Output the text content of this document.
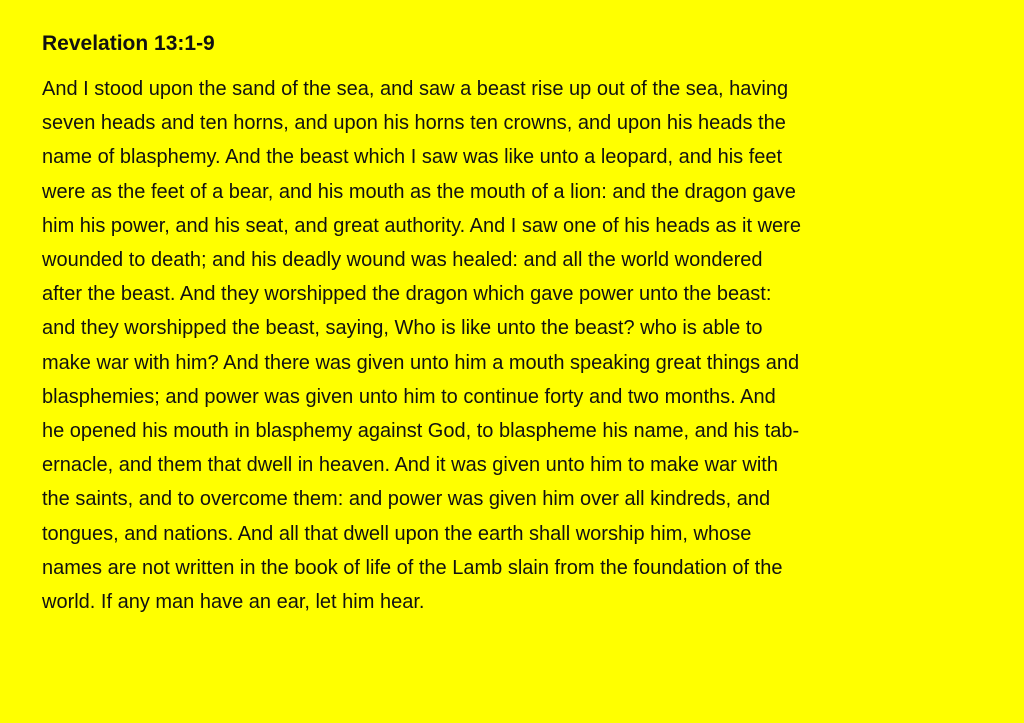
Revelation 13:1-9
And I stood upon the sand of the sea, and saw a beast rise up out of the sea, having
seven heads and ten horns, and upon his horns ten crowns, and upon his heads the
name of blasphemy. And the beast which I saw was like unto a leopard, and his feet
were as the feet of a bear, and his mouth as the mouth of a lion: and the dragon gave
him his power, and his seat, and great authority. And I saw one of his heads as it were
wounded to death; and his deadly wound was healed: and all the world wondered
after the beast. And they worshipped the dragon which gave power unto the beast:
and they worshipped the beast, saying, Who is like unto the beast? who is able to
make war with him? And there was given unto him a mouth speaking great things and
blasphemies; and power was given unto him to continue forty and two months. And
he opened his mouth in blasphemy against God, to blaspheme his name, and his tab-
ernacle, and them that dwell in heaven. And it was given unto him to make war with
the saints, and to overcome them: and power was given him over all kindreds, and
tongues, and nations. And all that dwell upon the earth shall worship him, whose
names are not written in the book of life of the Lamb slain from the foundation of the
world. If any man have an ear, let him hear.
